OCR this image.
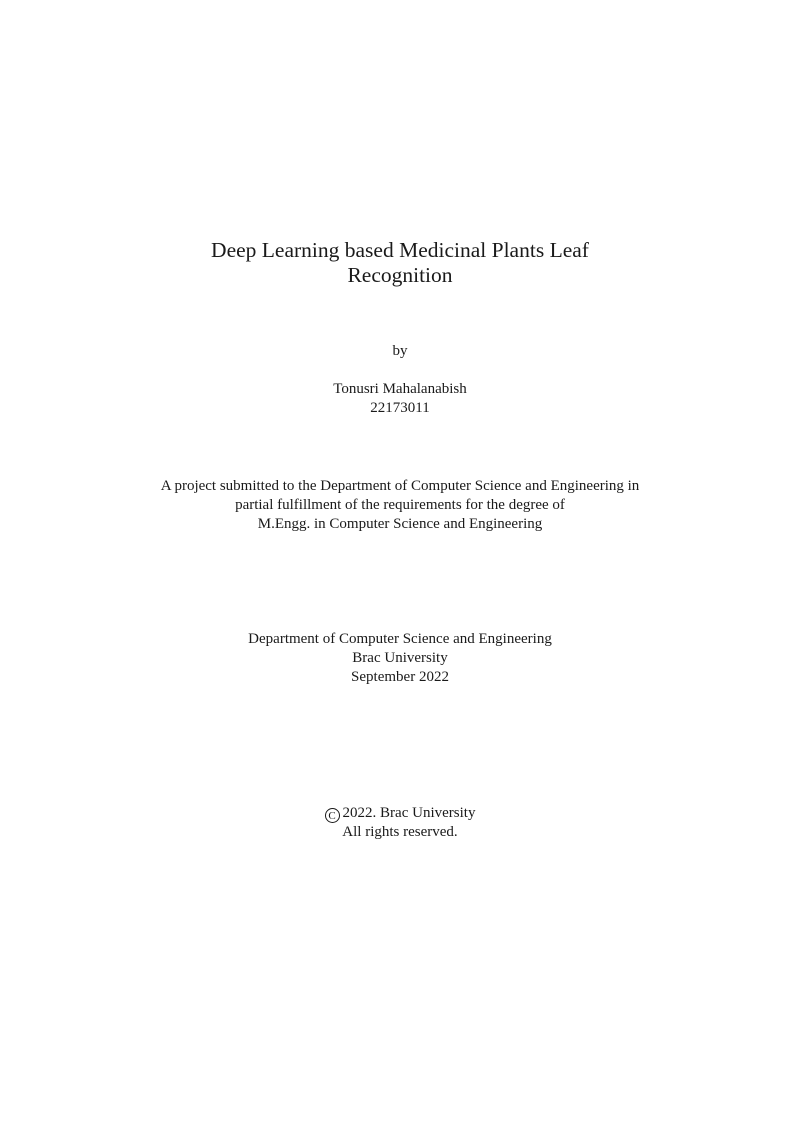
Deep Learning based Medicinal Plants Leaf
Recognition
by
Tonusri Mahalanabish
22173011
A project submitted to the Department of Computer Science and Engineering in
partial fulfillment of the requirements for the degree of
M.Engg. in Computer Science and Engineering
Department of Computer Science and Engineering
Brac University
September 2022
C 2022. Brac University
All rights reserved.
